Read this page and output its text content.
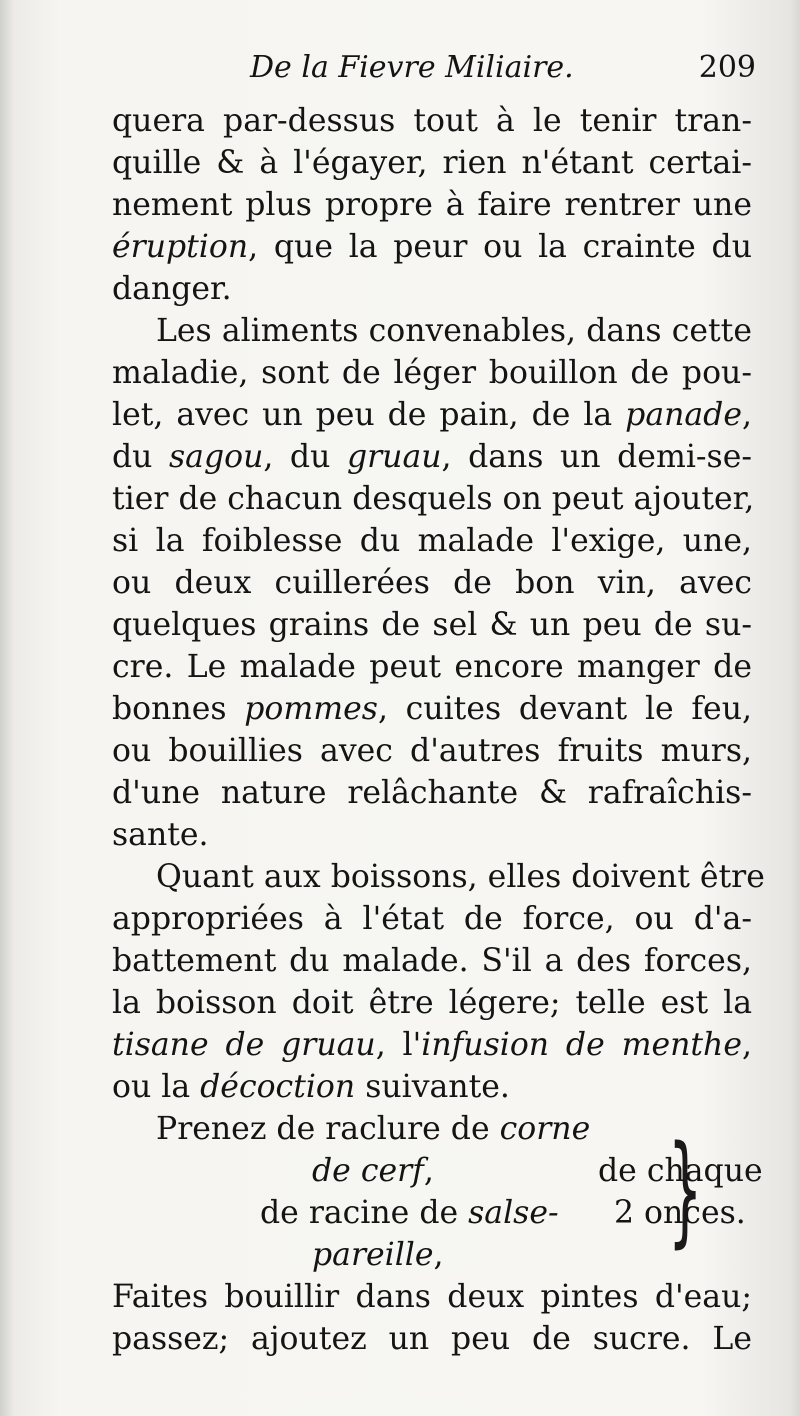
De la Fievre Miliaire.	209
quera par-dessus tout à le tenir tran-
quille & à l'égayer, rien n'étant certai-
nement plus propre à faire rentrer une
éruption, que la peur ou la crainte du
danger.
Les aliments convenables, dans cette
maladie, sont de léger bouillon de pou-
let, avec un peu de pain, de la panade,
du sagou, du gruau, dans un demi-se-
tier de chacun desquels on peut ajouter,
si la foiblesse du malade l'exige, une,
ou deux cuillerées de bon vin, avec
quelques grains de sel & un peu de su-
cre. Le malade peut encore manger de
bonnes pommes, cuites devant le feu,
ou bouillies avec d'autres fruits murs,
d'une nature relâchante & rafraîchis-
sante.
Quant aux boissons, elles doivent être
appropriées à l'état de force, ou d'a-
battement du malade. S'il a des forces,
la boisson doit être légere; telle est la
tisane de gruau, l'infusion de menthe,
ou la décoction suivante.
Prenez de raclure de corne
de cerf,
de racine de salse-
pareille, }
de chaque
2 onces.
Faites bouillir dans deux pintes d'eau;
passez; ajoutez un peu de sucre. Le
